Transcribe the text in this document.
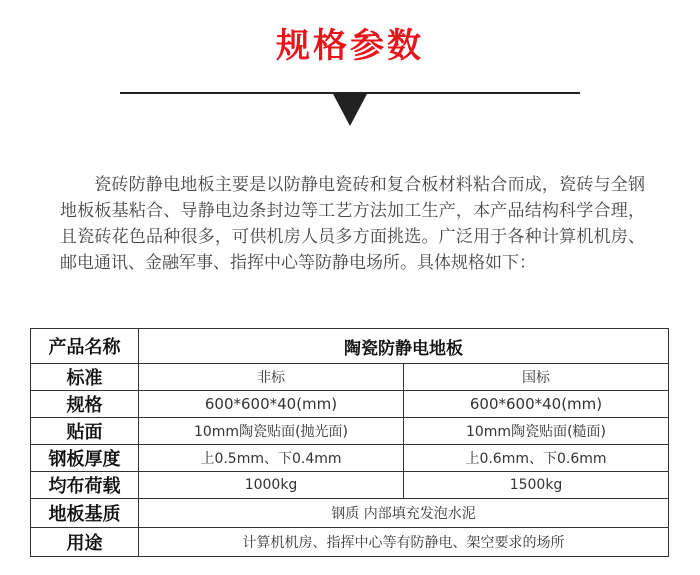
规格参数
瓷砖防静电地板主要是以防静电瓷砖和复合板材料粘合而成，瓷砖与全钢地板板基粘合、导静电边条封边等工艺方法加工生产，本产品结构科学合理，且瓷砖花色品种很多，可供机房人员多方面挑选。广泛用于各种计算机机房、邮电通讯、金融军事、指挥中心等防静电场所。具体规格如下：
产品名称	陶瓷防静电地板	
标准	非标	国标
规格	600*600*40(mm)	600*600*40(mm)
贴面	10mm陶瓷贴面(抛光面)	10mm陶瓷贴面(糙面)
钢板厚度	上0.5mm、下0.4mm	上0.6mm、下0.6mm
均布荷载	1000kg	1500kg
地板基质	钢质 内部填充发泡水泥	
用途	计算机机房、指挥中心等有防静电、架空要求的场所	
